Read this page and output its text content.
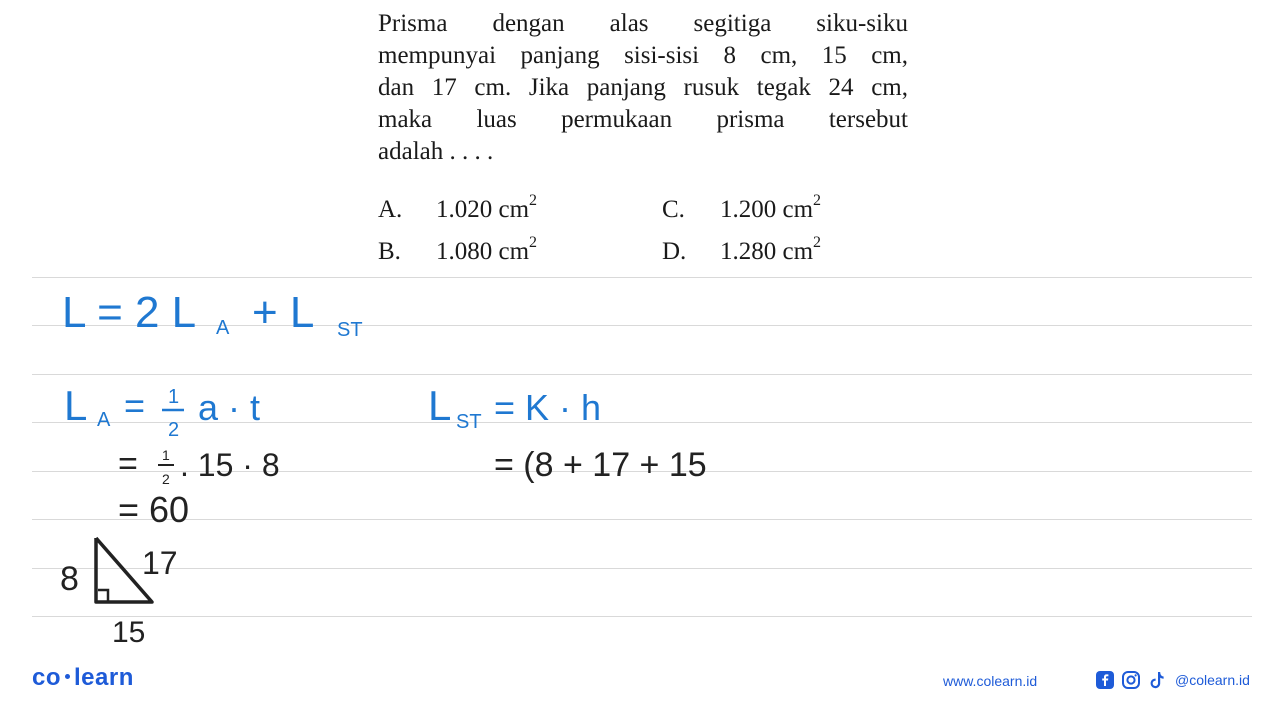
Prisma dengan alas segitiga siku-siku

mempunyai panjang sisi-sisi 8 cm, 15 cm,

dan 17 cm. Jika panjang rusuk tegak 24 cm,

maka luas permukaan prisma tersebut

adalah . . . .

A. 1.020 $cm^2$
B. 1.080 $cm^2$
C. 1.200 $cm^2$
D. 1.280 $cm^2$
L = 2 L A + L ST
L A = 1
2
a · t
= 1
2 . 15 · 8
= 60
L ST = K · h
= (8 + 17 + 15
8 17
15
co learn	www.colearn.id	@colearn.id
